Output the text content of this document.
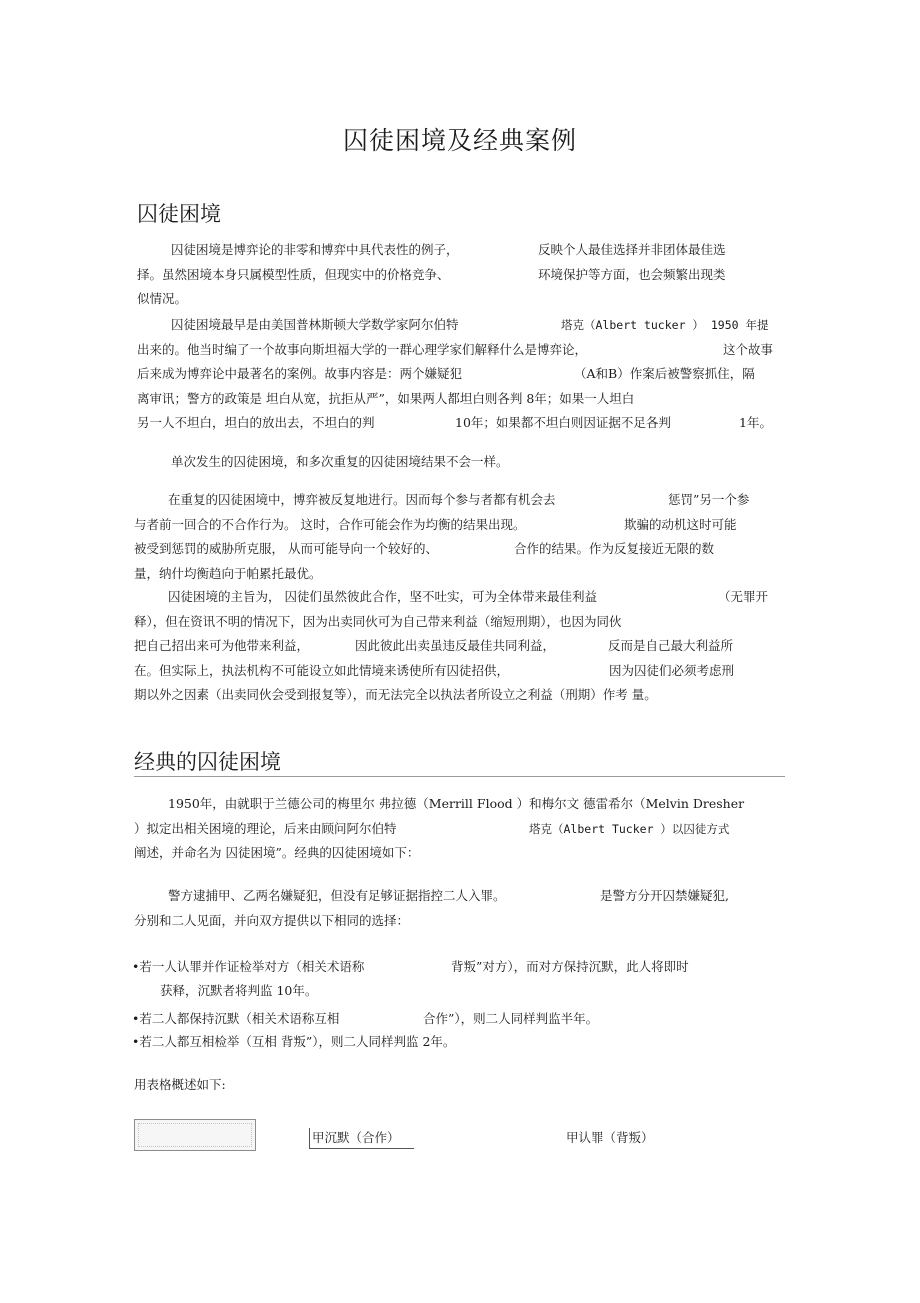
囚徒困境及经典案例
囚徒困境
囚徒困境是博弈论的非零和博弈中具代表性的例子，	反映个人最佳选择并非团体最佳选
择。虽然困境本身只属模型性质，但现实中的价格竞争、	环境保护等方面，也会频繁出现类
似情况。
囚徒困境最早是由美国普林斯顿大学数学家阿尔伯特	塔克（Albert tucker ） 1950 年提
出来的。他当时编了一个故事向斯坦福大学的一群心理学家们解释什么是博弈论，	这个故事
后来成为博弈论中最著名的案例。故事内容是：两个嫌疑犯	（A和B）作案后被警察抓住，隔
离审讯；警方的政策是 坦白从宽，抗拒从严”，如果两人都坦白则各判 8年；如果一人坦白
另一人不坦白，坦白的放出去，不坦白的判	10年；如果都不坦白则因证据不足各判	1年。
单次发生的囚徒困境，和多次重复的囚徒困境结果不会一样。
在重复的囚徒困境中，博弈被反复地进行。因而每个参与者都有机会去	惩罚”另一个参
与者前一回合的不合作行为。 这时，合作可能会作为均衡的结果出现。	欺骗的动机这时可能
被受到惩罚的威胁所克服， 从而可能导向一个较好的、	合作的结果。作为反复接近无限的数
量，纳什均衡趋向于帕累托最优。
囚徒困境的主旨为， 囚徒们虽然彼此合作，坚不吐实，可为全体带来最佳利益	（无罪开
释），但在资讯不明的情况下，因为出卖同伙可为自己带来利益（缩短刑期），也因为同伙
把自己招出来可为他带来利益，	因此彼此出卖虽违反最佳共同利益，	反而是自己最大利益所
在。但实际上，执法机构不可能设立如此情境来诱使所有囚徒招供，	因为囚徒们必须考虑刑
期以外之因素（出卖同伙会受到报复等），而无法完全以执法者所设立之利益（刑期）作考 量。
经典的囚徒困境
1950年，由就职于兰德公司的梅里尔 弗拉德（Merrill Flood ）和梅尔文 德雷希尔（Melvin Dresher
）拟定出相关困境的理论，后来由顾问阿尔伯特	塔克（Albert Tucker ）以囚徒方式
阐述，并命名为 囚徒困境”。经典的囚徒困境如下：
警方逮捕甲、乙两名嫌疑犯，但没有足够证据指控二人入罪。	是警方分开囚禁嫌疑犯,
分别和二人见面，并向双方提供以下相同的选择：
•若一人认罪并作证检举对方（相关术语称	背叛”对方），而对方保持沉默，此人将即时
获释，沉默者将判监 10年。
•若二人都保持沉默（相关术语称互相	合作”），则二人同样判监半年。
•若二人都互相检举（互相 背叛”），则二人同样判监 2年。
用表格概述如下:
甲沉默（合作）	甲认罪（背叛）
